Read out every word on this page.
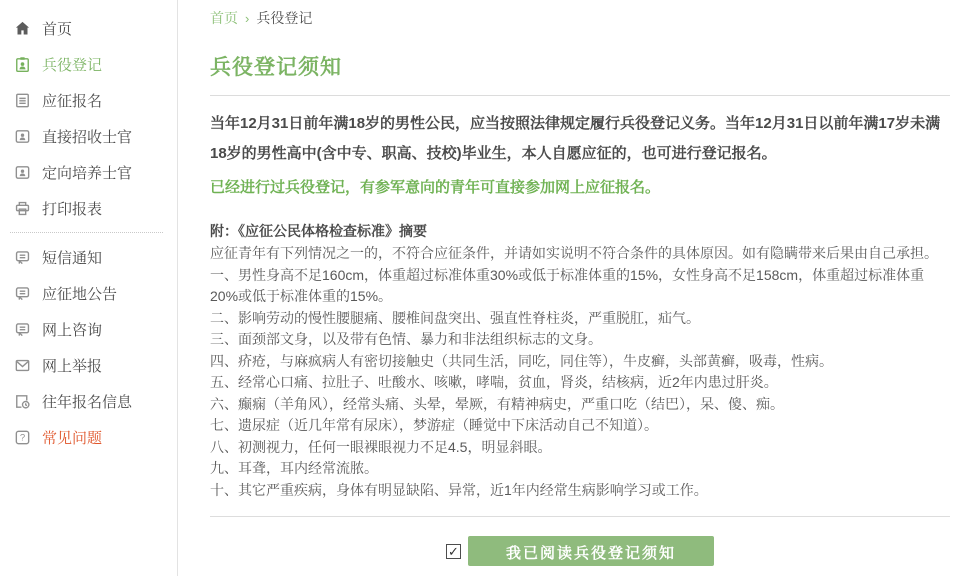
首页
兵役登记
应征报名
直接招收士官
定向培养士官
打印报表
短信通知
应征地公告
网上咨询
网上举报
往年报名信息
? 常见问题
首页 › 兵役登记
兵役登记须知

当年12月31日前年满18岁的男性公民，应当按照法律规定履行兵役登记义务。当年12月31日以前年满17岁未满18岁的男性高中(含中专、职高、技校)毕业生，本人自愿应征的，也可进行登记报名。

已经进行过兵役登记，有参军意向的青年可直接参加网上应征报名。

附：《应征公民体格检查标准》摘要

应征青年有下列情况之一的，不符合应征条件，并请如实说明不符合条件的具体原因。如有隐瞒带来后果由自己承担。

一、男性身高不足160cm，体重超过标准体重30%或低于标准体重的15%，女性身高不足158cm，体重超过标准体重20%或低于标准体重的15%。

二、影响劳动的慢性腰腿痛、腰椎间盘突出、强直性脊柱炎，严重脱肛，疝气。

三、面颈部文身，以及带有色情、暴力和非法组织标志的文身。

四、疥疮，与麻疯病人有密切接触史（共同生活，同吃，同住等），牛皮癣，头部黄癣，吸毒，性病。

五、经常心口痛、拉肚子、吐酸水、咳嗽，哮喘，贫血，肾炎，结核病，近2年内患过肝炎。

六、癫痫（羊角风），经常头痛、头晕，晕厥，有精神病史，严重口吃（结巴），呆、傻、痴。

七、遗尿症（近几年常有尿床），梦游症（睡觉中下床活动自己不知道）。

八、初测视力，任何一眼裸眼视力不足4.5，明显斜眼。

九、耳聋，耳内经常流脓。

十、其它严重疾病，身体有明显缺陷、异常，近1年内经常生病影响学习或工作。

✓	我已阅读兵役登记须知
